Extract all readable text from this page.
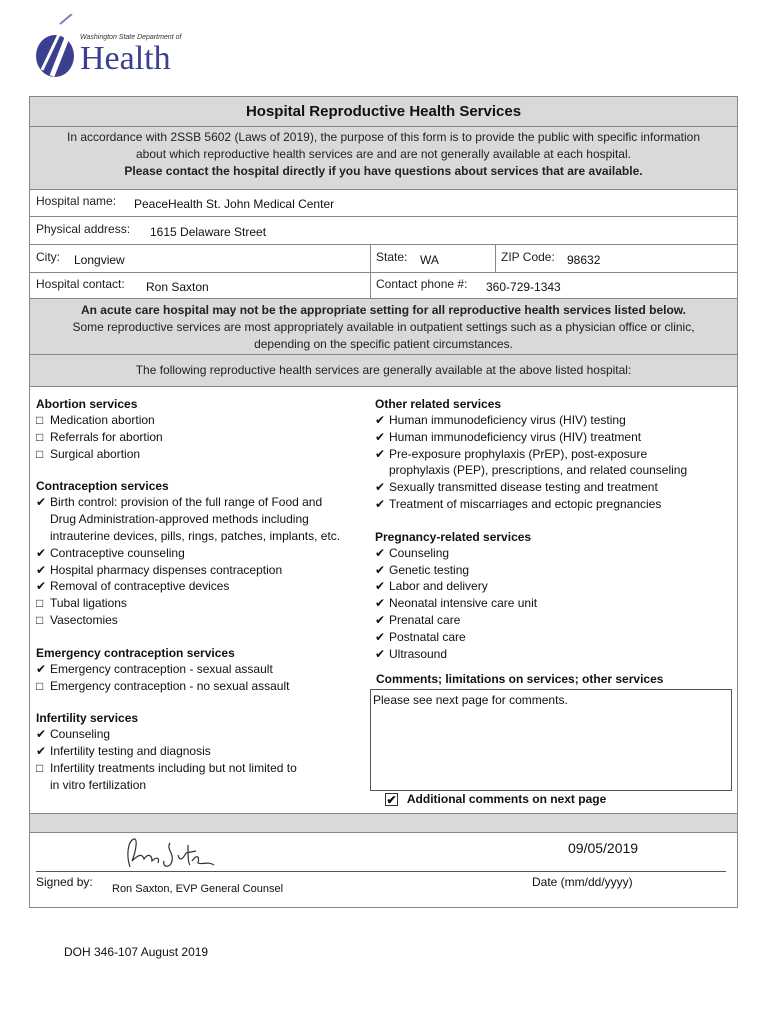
Washington State Department of
Health
Hospital Reproductive Health Services
In accordance with 2SSB 5602 (Laws of 2019), the purpose of this form is to provide the public with specific information
about which reproductive health services are and are not generally available at each hospital.
Please contact the hospital directly if you have questions about services that are available.
Hospital name: PeaceHealth St. John Medical Center
Physical address: 1615 Delaware Street
City: Longview	State: WA	ZIP Code: 98632
Hospital contact: Ron Saxton	Contact phone #: 360-729-1343
An acute care hospital may not be the appropriate setting for all reproductive health services listed below.
Some reproductive services are most appropriately available in outpatient settings such as a physician office or clinic,
depending on the specific patient circumstances.
The following reproductive health services are generally available at the above listed hospital:
Abortion services
□ Medication abortion
□ Referrals for abortion
□ Surgical abortion
Contraception services
✔ Birth control: provision of the full range of Food and
Drug Administration-approved methods including
intrauterine devices, pills, rings, patches, implants, etc.
✔ Contraceptive counseling
✔ Hospital pharmacy dispenses contraception
✔ Removal of contraceptive devices
□ Tubal ligations
□ Vasectomies
Emergency contraception services
✔ Emergency contraception - sexual assault
□ Emergency contraception - no sexual assault
Infertility services
✔ Counseling
✔ Infertility testing and diagnosis
□ Infertility treatments including but not limited to
in vitro fertilization
Other related services
✔ Human immunodeficiency virus (HIV) testing
✔ Human immunodeficiency virus (HIV) treatment
✔ Pre-exposure prophylaxis (PrEP), post-exposure
prophylaxis (PEP), prescriptions, and related counseling
✔ Sexually transmitted disease testing and treatment
✔ Treatment of miscarriages and ectopic pregnancies
Pregnancy-related services
✔ Counseling
✔ Genetic testing
✔ Labor and delivery
✔ Neonatal intensive care unit
✔ Prenatal care
✔ Postnatal care
✔ Ultrasound
Comments; limitations on services; other services
Please see next page for comments.
✔ Additional comments on next page
09/05/2019
Signed by: Ron Saxton, EVP General Counsel	Date (mm/dd/yyyy)
DOH 346-107 August 2019
